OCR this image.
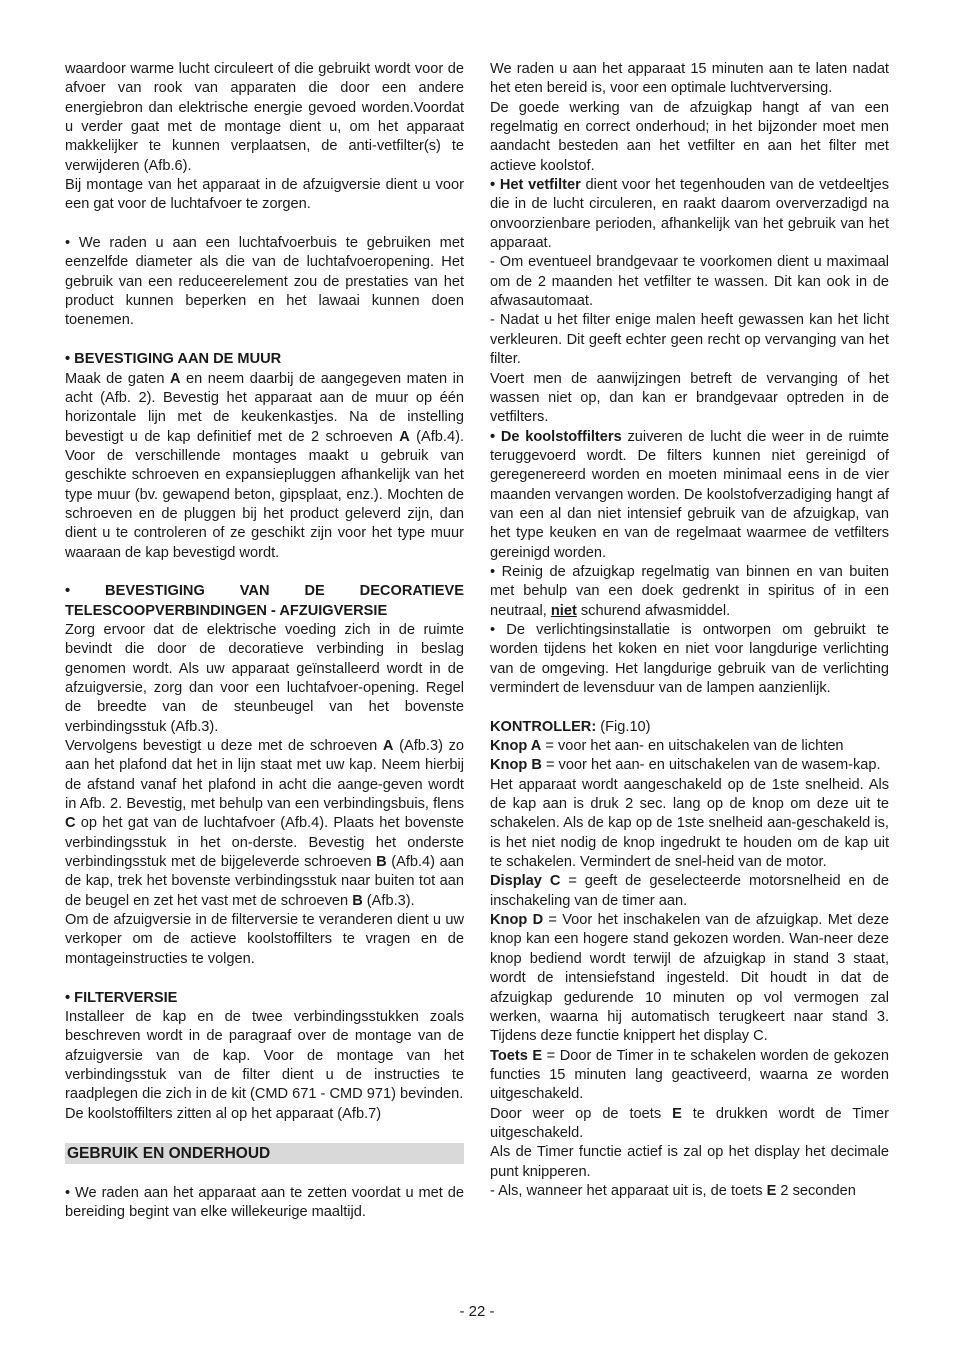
waardoor warme lucht circuleert of die gebruikt wordt voor de afvoer van rook van apparaten die door een andere energiebron dan elektrische energie gevoed worden.Voordat u verder gaat met de montage dient u, om het apparaat makkelijker te kunnen verplaatsen, de anti-vetfilter(s) te verwijderen (Afb.6).

Bij montage van het apparaat in de afzuigversie dient u voor een gat voor de luchtafvoer te zorgen.

• We raden u aan een luchtafvoerbuis te gebruiken met eenzelfde diameter als die van de luchtafvoeropening. Het gebruik van een reduceerelement zou de prestaties van het product kunnen beperken en het lawaai kunnen doen toenemen.

• BEVESTIGING AAN DE MUUR

Maak de gaten A en neem daarbij de aangegeven maten in acht (Afb. 2). Bevestig het apparaat aan de muur op één horizontale lijn met de keukenkastjes. Na de instelling bevestigt u de kap definitief met de 2 schroeven A (Afb.4). Voor de verschillende montages maakt u gebruik van geschikte schroeven en expansiepluggen afhankelijk van het type muur (bv. gewapend beton, gipsplaat, enz.). Mochten de schroeven en de pluggen bij het product geleverd zijn, dan dient u te controleren of ze geschikt zijn voor het type muur waaraan de kap bevestigd wordt.

• BEVESTIGING VAN DE DECORATIEVE TELESCOOPVERBINDINGEN - AFZUIGVERSIE

Zorg ervoor dat de elektrische voeding zich in de ruimte bevindt die door de decoratieve verbinding in beslag genomen wordt. Als uw apparaat geïnstalleerd wordt in de afzuigversie, zorg dan voor een luchtafvoer-opening. Regel de breedte van de steunbeugel van het bovenste verbindingsstuk (Afb.3).

Vervolgens bevestigt u deze met de schroeven A (Afb.3) zo aan het plafond dat het in lijn staat met uw kap. Neem hierbij de afstand vanaf het plafond in acht die aange-geven wordt in Afb. 2. Bevestig, met behulp van een verbindingsbuis, flens C op het gat van de luchtafvoer (Afb.4). Plaats het bovenste verbindingsstuk in het on-derste. Bevestig het onderste verbindingsstuk met de bijgeleverde schroeven B (Afb.4) aan de kap, trek het bovenste verbindingsstuk naar buiten tot aan de beugel en zet het vast met de schroeven B (Afb.3).

Om de afzuigversie in de filterversie te veranderen dient u uw verkoper om de actieve koolstoffilters te vragen en de montageinstructies te volgen.

• FILTERVERSIE

Installeer de kap en de twee verbindingsstukken zoals beschreven wordt in de paragraaf over de montage van de afzuigversie van de kap. Voor de montage van het verbindingsstuk van de filter dient u de instructies te raadplegen die zich in de kit (CMD 671 - CMD 971) bevinden.

De koolstoffilters zitten al op het apparaat (Afb.7)

GEBRUIK EN ONDERHOUD

• We raden aan het apparaat aan te zetten voordat u met de bereiding begint van elke willekeurige maaltijd.

We raden u aan het apparaat 15 minuten aan te laten nadat het eten bereid is, voor een optimale luchtverversing.

De goede werking van de afzuigkap hangt af van een regelmatig en correct onderhoud; in het bijzonder moet men aandacht besteden aan het vetfilter en aan het filter met actieve koolstof.

• Het vetfilter dient voor het tegenhouden van de vetdeeltjes die in de lucht circuleren, en raakt daarom oververzadigd na onvoorzienbare perioden, afhankelijk van het gebruik van het apparaat.

- Om eventueel brandgevaar te voorkomen dient u maximaal om de 2 maanden het vetfilter te wassen. Dit kan ook in de afwasautomaat.

- Nadat u het filter enige malen heeft gewassen kan het licht verkleuren. Dit geeft echter geen recht op vervanging van het filter.

Voert men de aanwijzingen betreft de vervanging of het wassen niet op, dan kan er brandgevaar optreden in de vetfilters.

• De koolstoffilters zuiveren de lucht die weer in de ruimte teruggevoerd wordt. De filters kunnen niet gereinigd of geregenereerd worden en moeten minimaal eens in de vier maanden vervangen worden. De koolstofverzadiging hangt af van een al dan niet intensief gebruik van de afzuigkap, van het type keuken en van de regelmaat waarmee de vetfilters gereinigd worden.

• Reinig de afzuigkap regelmatig van binnen en van buiten met behulp van een doek gedrenkt in spiritus of in een neutraal, niet schurend afwasmiddel.

• De verlichtingsinstallatie is ontworpen om gebruikt te worden tijdens het koken en niet voor langdurige verlichting van de omgeving. Het langdurige gebruik van de verlichting vermindert de levensduur van de lampen aanzienlijk.

KONTROLLER: (Fig.10)

Knop A = voor het aan- en uitschakelen van de lichten

Knop B = voor het aan- en uitschakelen van de wasem-kap.

Het apparaat wordt aangeschakeld op de 1ste snelheid. Als de kap aan is druk 2 sec. lang op de knop om deze uit te schakelen. Als de kap op de 1ste snelheid aan-geschakeld is, is het niet nodig de knop ingedrukt te houden om de kap uit te schakelen. Vermindert de snel-heid van de motor.

Display C = geeft de geselecteerde motorsnelheid en de inschakeling van de timer aan.

Knop D = Voor het inschakelen van de afzuigkap. Met deze knop kan een hogere stand gekozen worden. Wan-neer deze knop bediend wordt terwijl de afzuigkap in stand 3 staat, wordt de intensiefstand ingesteld. Dit houdt in dat de afzuigkap gedurende 10 minuten op vol vermogen zal werken, waarna hij automatisch terugkeert naar stand 3. Tijdens deze functie knippert het display C.

Toets E = Door de Timer in te schakelen worden de gekozen functies 15 minuten lang geactiveerd, waarna ze worden uitgeschakeld.

Door weer op de toets E te drukken wordt de Timer uitgeschakeld.

Als de Timer functie actief is zal op het display het decimale punt knipperen.

- Als, wanneer het apparaat uit is, de toets E 2 seconden

- 22 -
